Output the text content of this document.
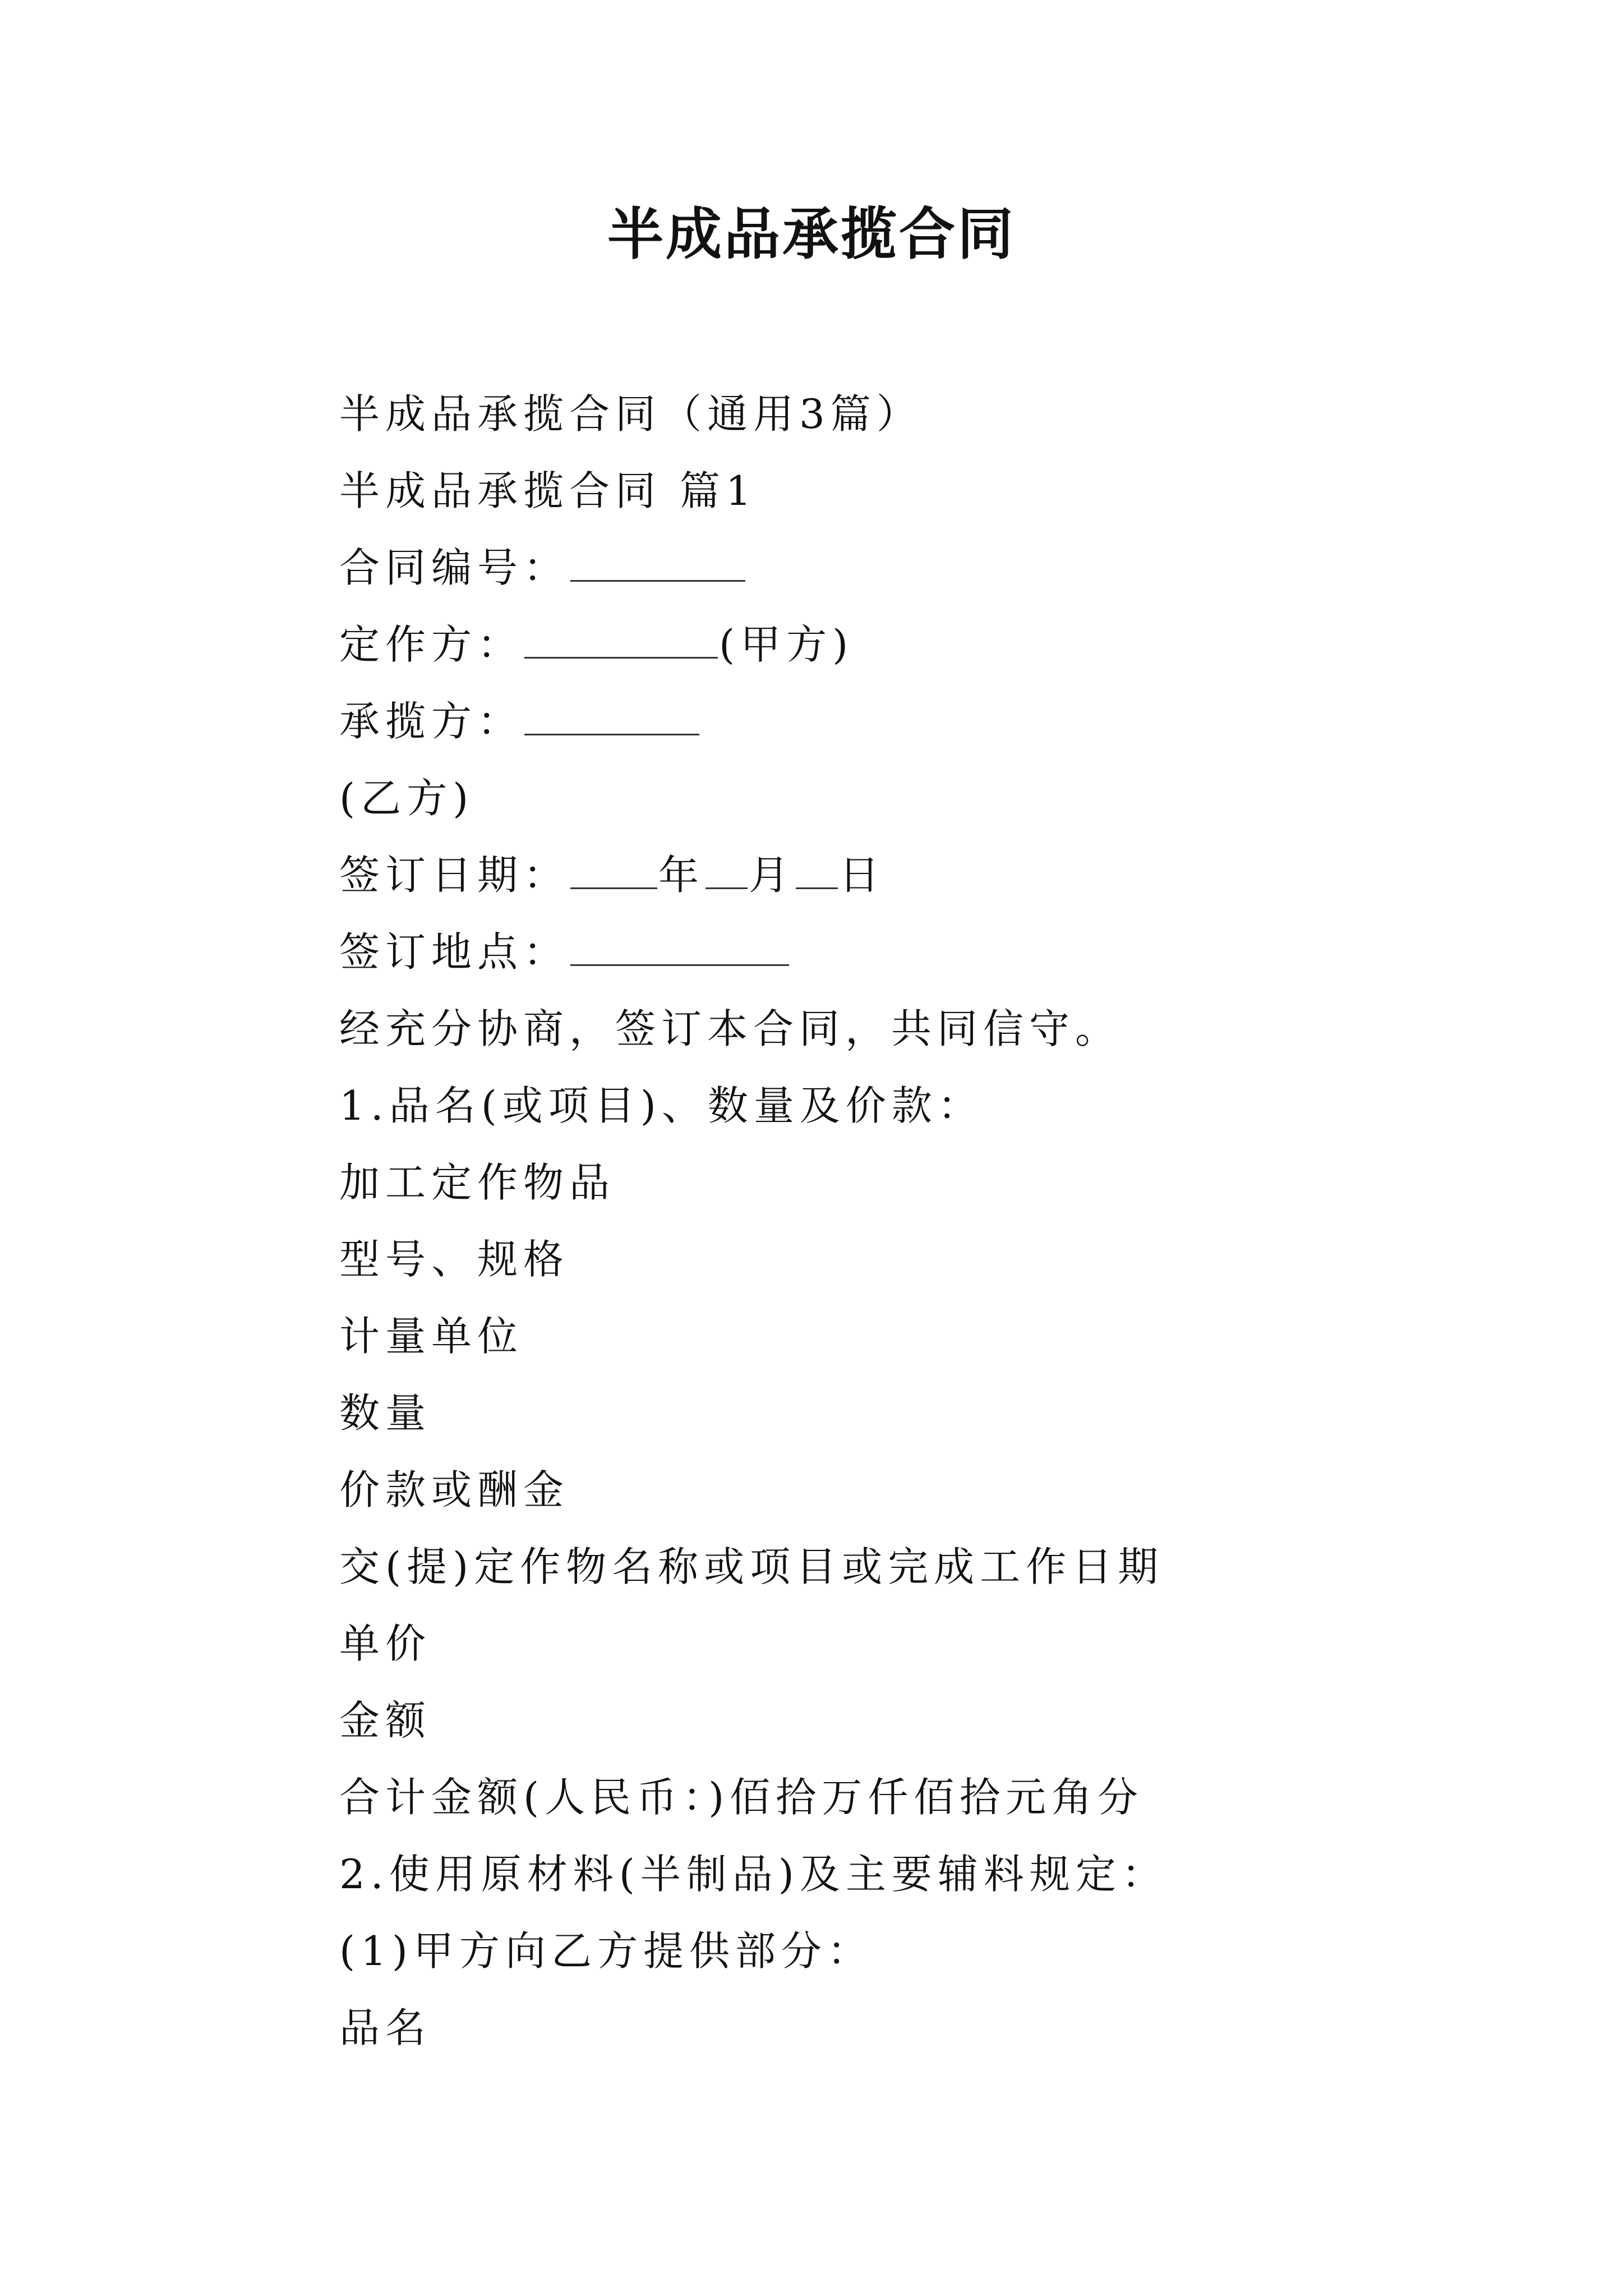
半成品承揽合同

半成品承揽合同（通用3篇）

半成品承揽合同 篇1

合同编号：

定作方：	(甲方)

承揽方：

(乙方)

签订日期： 年 月 日

签订地点：

经充分协商，签订本合同，共同信守。

1.品名(或项目)、数量及价款：

加工定作物品

型号、规格

计量单位

数量

价款或酬金

交(提)定作物名称或项目或完成工作日期

单价

金额

合计金额(人民币：)佰拾万仟佰拾元角分

2.使用原材料(半制品)及主要辅料规定：

(1)甲方向乙方提供部分：

品名
